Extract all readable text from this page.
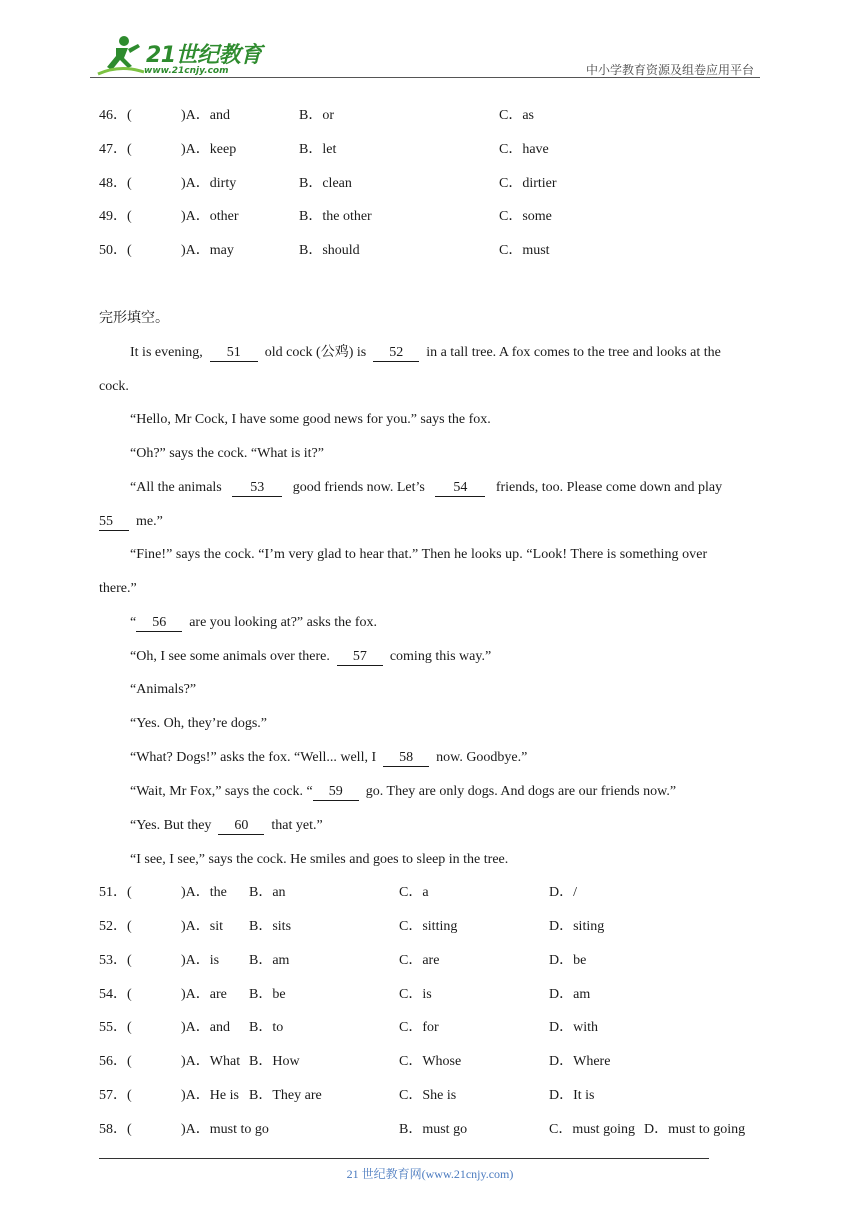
21世纪教育
www.21cnjy.com	中小学教育资源及组卷应用平台
46．(	)A．and	B．or	C．as
47．(	)A．keep	B．let	C．have
48．(	)A．dirty	B．clean	C．dirtier
49．(	)A．other	B．the other	C．some
50．(	)A．may	B．should	C．must
完形填空。
It is evening, 51 old cock (公鸡) is 52 in a tall tree. A fox comes to the tree and looks at the
cock.
“Hello, Mr Cock, I have some good news for you.” says the fox.
“Oh?” says the cock. “What is it?”
“All the animals 53 good friends now. Let’s 54 friends, too. Please come down and play
55 me.”
“Fine!” says the cock. “I’m very glad to hear that.” Then he looks up. “Look! There is something over
there.”
“ 56 are you looking at?” asks the fox.
“Oh, I see some animals over there. 57 coming this way.”
“Animals?”
“Yes. Oh, they’re dogs.”
“What? Dogs!” asks the fox. “Well... well, I 58 now. Goodbye.”
“Wait, Mr Fox,” says the cock. “ 59 go. They are only dogs. And dogs are our friends now.”
“Yes. But they 60 that yet.”
“I see, I see,” says the cock. He smiles and goes to sleep in the tree.
51．(	)A．the B．an	C．a	D．/
52．(	)A．sit B．sits	C．sitting	D．siting
53．(	)A．is B．am	C．are	D．be
54．(	)A．are B．be	C．is	D．am
55．(	)A．and B．to	C．for	D．with
56．(	)A．What B．How	C．Whose	D．Where
57．(	)A．He is B．They are	C．She is	D．It is
58．(	)A．must to go	B．must go	C．must going D．must to going
21 世纪教育网(www.21cnjy.com)
